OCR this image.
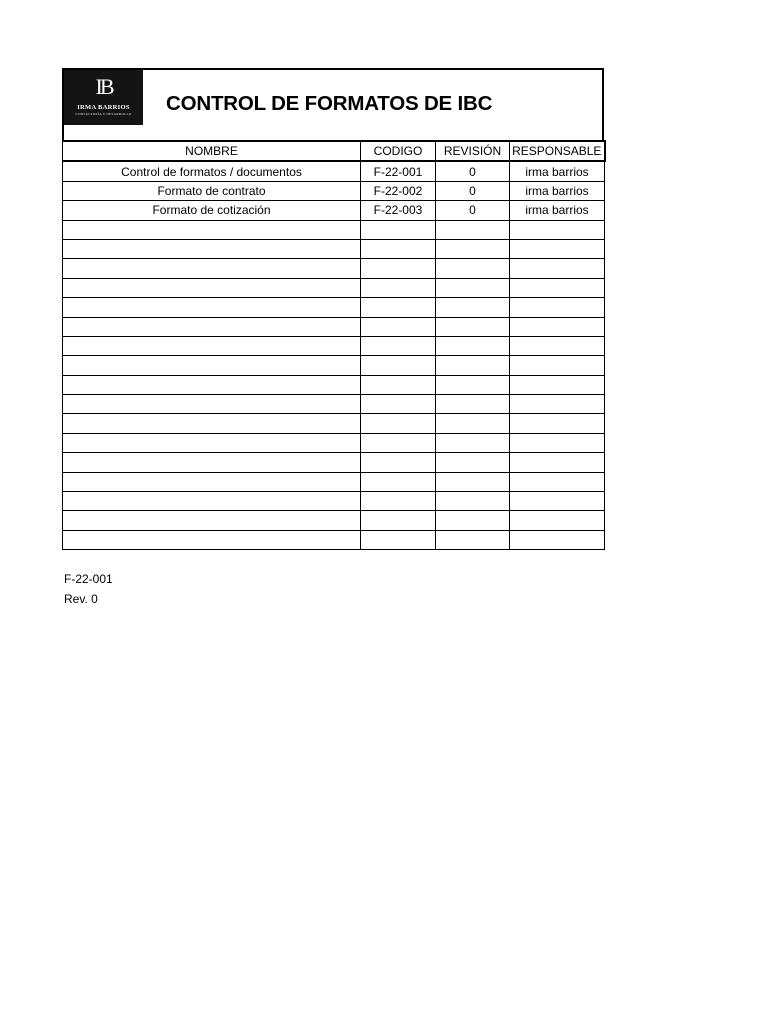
IB
IRMA BARRIOS
CONSULTORÍA Y DESARROLLO	CONTROL DE FORMATOS DE IBC
NOMBRE	CODIGO	REVISIÓN	RESPONSABLE
Control de formatos / documentos	F-22-001	0	irma barrios
Formato de contrato	F-22-002	0	irma barrios
Formato de cotización	F-22-003	0	irma barrios

F-22-001
Rev. 0
